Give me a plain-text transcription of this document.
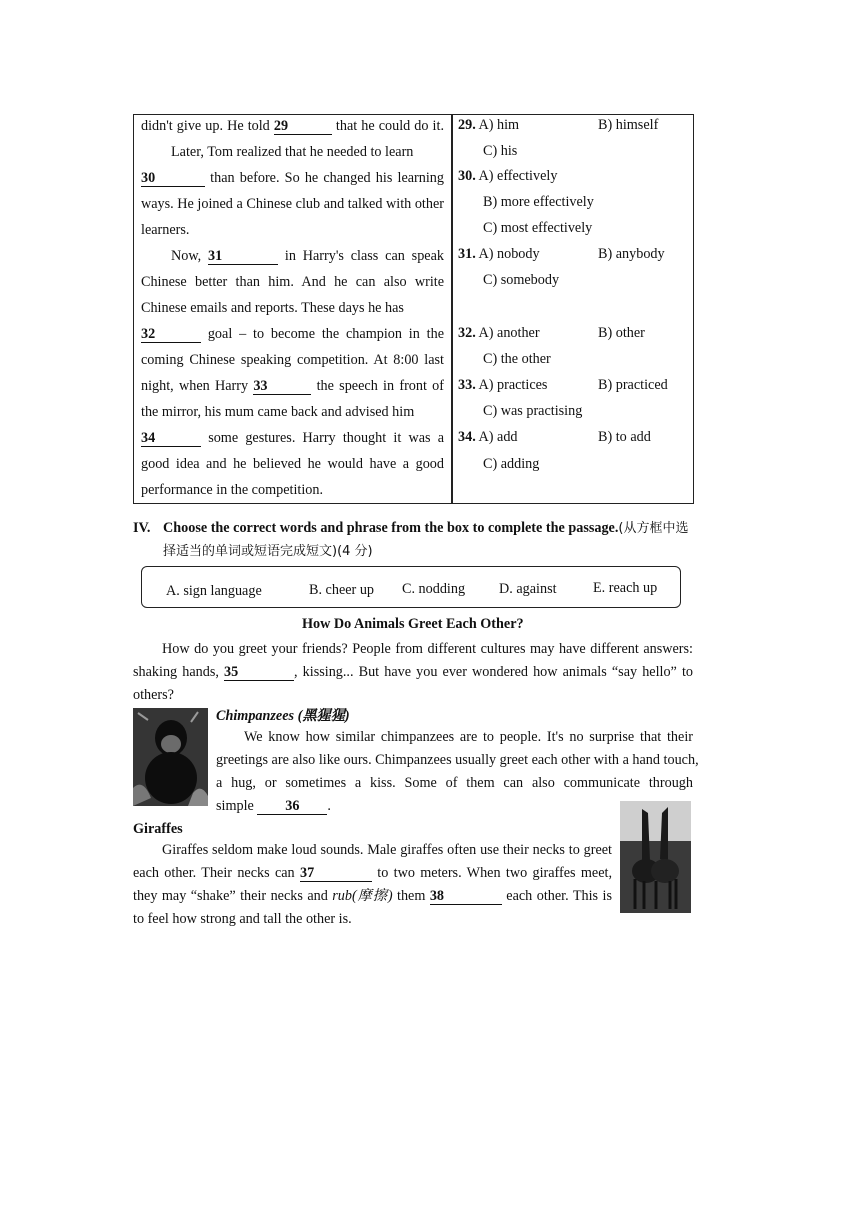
didn't give up. He told 29	that he could do it.
Later, Tom realized that he needed to learn
30	than before. So he changed his learning
ways. He joined a Chinese club and talked with other
learners.
Now, 31	in Harry's class can speak
Chinese better than him. And he can also write
Chinese emails and reports. These days he has
32	goal – to become the champion in the
coming Chinese speaking competition. At 8:00 last
night, when Harry 33	the speech in front of
the mirror, his mum came back and advised him
34	some gestures. Harry thought it was a
good idea and he believed he would have a good
performance in the competition.
29. A) him	B) himself
C) his
30. A) effectively
B) more effectively
C) most effectively
31. A) nobody	B) anybody
C) somebody
32. A) another	B) other
C) the other
33. A) practices	B) practiced
C) was practising
34. A) add	B) to add
C) adding
IV. Choose the correct words and phrase from the box to complete the passage.(从方框中选
择适当的单词或短语完成短文)(4 分)
A. sign language	B. cheer up C. nodding D. against	E. reach up
How Do Animals Greet Each Other?
How do you greet your friends? People from different cultures may have different answers:
shaking hands, 35	, kissing... But have you ever wondered how animals “say hello” to
others?
Chimpanzees (黑猩猩)
We know how similar chimpanzees are to people. It's no surprise that their
greetings are also like ours. Chimpanzees usually greet each other with a hand touch,
a hug, or sometimes a kiss. Some of them can also communicate through
simple 36 .
Giraffes
Giraffes seldom make loud sounds. Male giraffes often use their necks to greet
each other. Their necks can 37	to two meters. When two giraffes meet,
they may “shake” their necks and rub(摩擦) them 38	each other. This is
to feel how strong and tall the other is.
